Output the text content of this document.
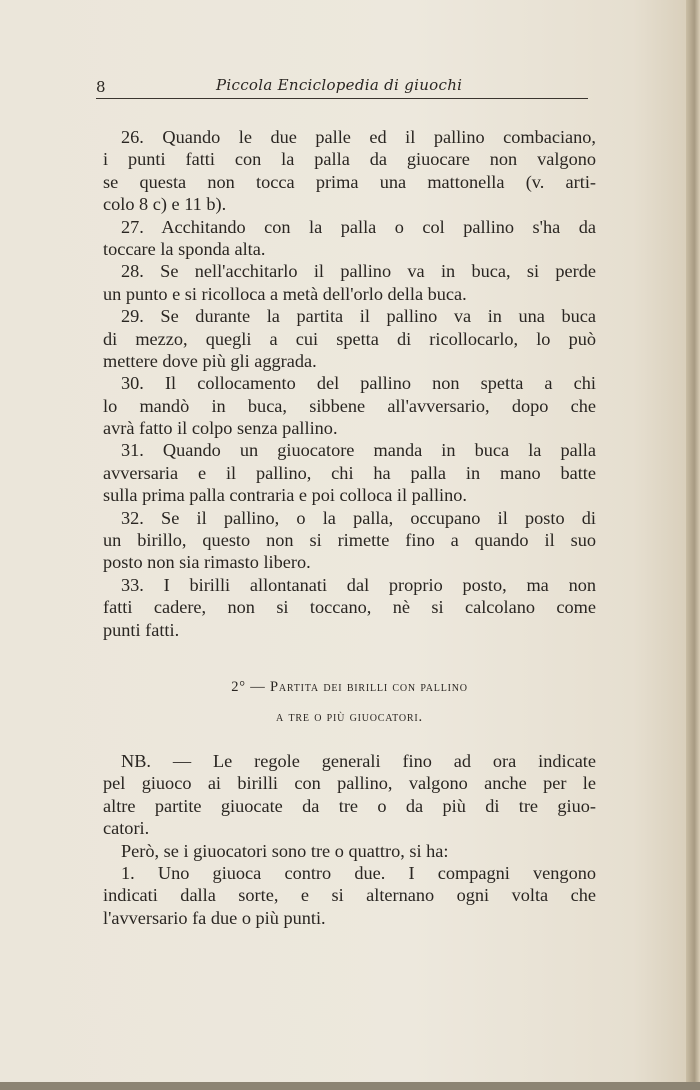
8	Piccola Enciclopedia di giuochi
26. Quando le due palle ed il pallino combaciano,
i punti fatti con la palla da giuocare non valgono
se questa non tocca prima una mattonella (v. arti-
colo 8 c) e 11 b).
27. Acchitando con la palla o col pallino s'ha da
toccare la sponda alta.
28. Se nell'acchitarlo il pallino va in buca, si perde
un punto e si ricolloca a metà dell'orlo della buca.
29. Se durante la partita il pallino va in una buca
di mezzo, quegli a cui spetta di ricollocarlo, lo può
mettere dove più gli aggrada.
30. Il collocamento del pallino non spetta a chi
lo mandò in buca, sibbene all'avversario, dopo che
avrà fatto il colpo senza pallino.
31. Quando un giuocatore manda in buca la palla
avversaria e il pallino, chi ha palla in mano batte
sulla prima palla contraria e poi colloca il pallino.
32. Se il pallino, o la palla, occupano il posto di
un birillo, questo non si rimette fino a quando il suo
posto non sia rimasto libero.
33. I birilli allontanati dal proprio posto, ma non
fatti cadere, non si toccano, nè si calcolano come
punti fatti.
2° — Partita dei birilli con pallino
a tre o più giuocatori.
NB. — Le regole generali fino ad ora indicate
pel giuoco ai birilli con pallino, valgono anche per le
altre partite giuocate da tre o da più di tre giuo-
catori.
Però, se i giuocatori sono tre o quattro, si ha:
1. Uno giuoca contro due. I compagni vengono
indicati dalla sorte, e si alternano ogni volta che
l'avversario fa due o più punti.
